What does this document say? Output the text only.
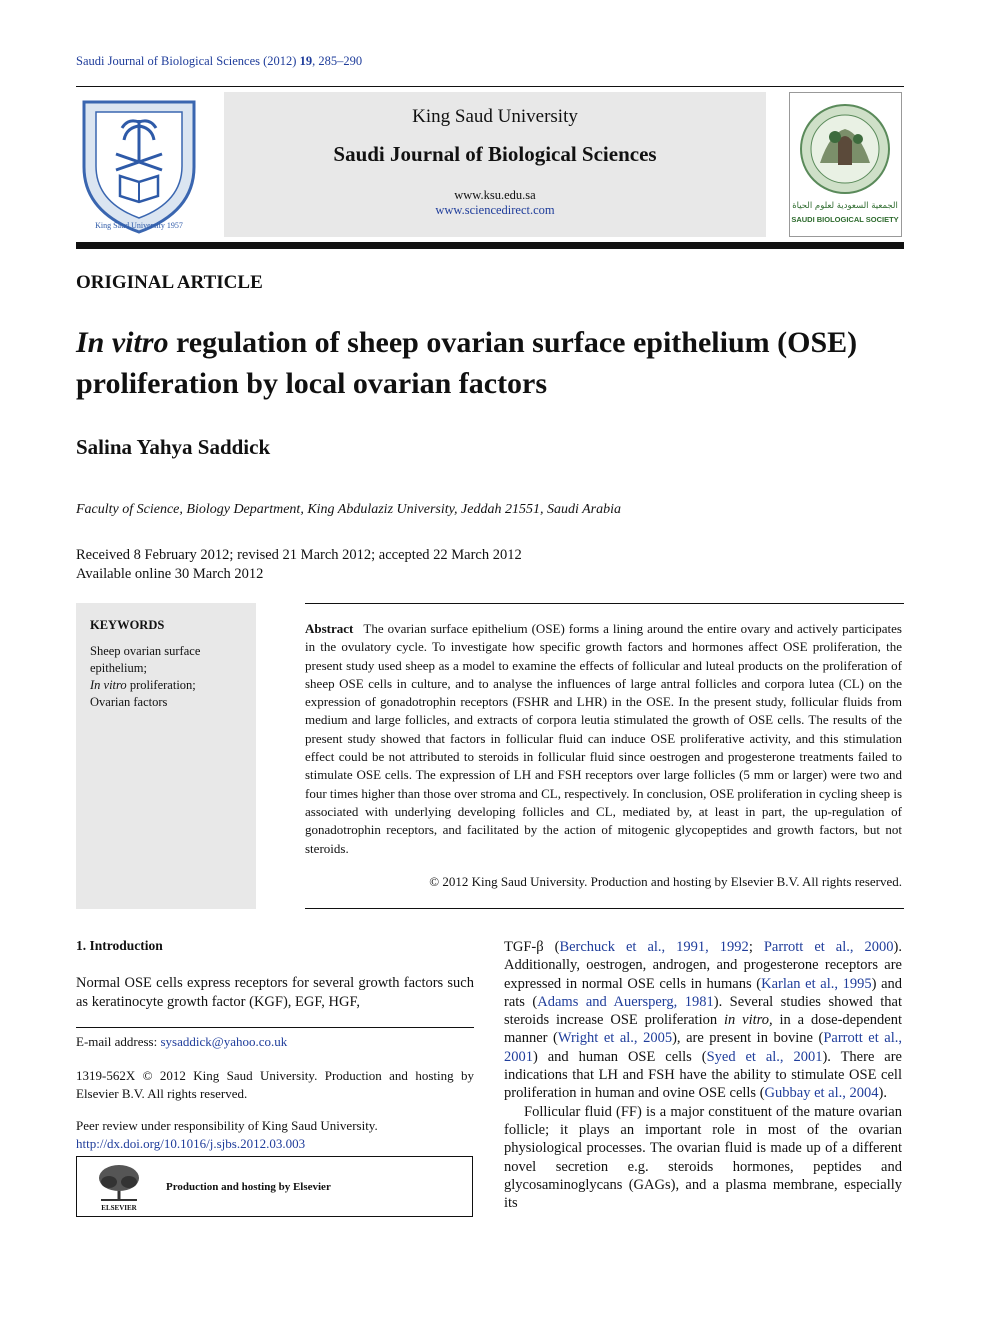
Saudi Journal of Biological Sciences (2012) 19, 285–290
King Saud University 1957
King Saud University
Saudi Journal of Biological Sciences
www.ksu.edu.sa
www.sciencedirect.com	الجمعية السعودية لعلوم الحياة
SAUDI BIOLOGICAL SOCIETY
ORIGINAL ARTICLE
In vitro regulation of sheep ovarian surface epithelium (OSE) proliferation by local ovarian factors
Salina Yahya Saddick
Faculty of Science, Biology Department, King Abdulaziz University, Jeddah 21551, Saudi Arabia
Received 8 February 2012; revised 21 March 2012; accepted 22 March 2012
Available online 30 March 2012
KEYWORDS
Sheep ovarian surface epithelium;
In vitro proliferation;
Ovarian factors
Abstract The ovarian surface epithelium (OSE) forms a lining around the entire ovary and actively participates in the ovulatory cycle. To investigate how specific growth factors and hormones affect OSE proliferation, the present study used sheep as a model to examine the effects of follicular and luteal products on the proliferation of sheep OSE cells in culture, and to analyse the influences of large antral follicles and corpora lutea (CL) on the expression of gonadotrophin receptors (FSHR and LHR) in the OSE. In the present study, follicular fluids from medium and large follicles, and extracts of corpora leutia stimulated the growth of OSE cells. The results of the present study showed that factors in follicular fluid can induce OSE proliferative activity, and this stimulation effect could be not attributed to steroids in follicular fluid since oestrogen and progesterone treatments failed to stimulate OSE cells. The expression of LH and FSH receptors over large follicles (5 mm or larger) were two and four times higher than those over stroma and CL, respectively. In conclusion, OSE proliferation in cycling sheep is associated with underlying developing follicles and CL, mediated by, at least in part, the up-regulation of gonadotrophin receptors, and facilitated by the action of mitogenic glycopeptides and growth factors, but not steroids.
© 2012 King Saud University. Production and hosting by Elsevier B.V. All rights reserved.
1. Introduction
Normal OSE cells express receptors for several growth factors such as keratinocyte growth factor (KGF), EGF, HGF,
E-mail address: sysaddick@yahoo.co.uk
1319-562X © 2012 King Saud University. Production and hosting by Elsevier B.V. All rights reserved.
Peer review under responsibility of King Saud University.
http://dx.doi.org/10.1016/j.sjbs.2012.03.003
ELSEVIER
Production and hosting by Elsevier

TGF-β (Berchuck et al., 1991, 1992; Parrott et al., 2000). Additionally, oestrogen, androgen, and progesterone receptors are expressed in normal OSE cells in humans (Karlan et al., 1995) and rats (Adams and Auersperg, 1981). Several studies showed that steroids increase OSE proliferation in vitro, in a dose-dependent manner (Wright et al., 2005), are present in bovine (Parrott et al., 2001) and human OSE cells (Syed et al., 2001). There are indications that LH and FSH have the ability to stimulate OSE cell proliferation in human and ovine OSE cells (Gubbay et al., 2004).

Follicular fluid (FF) is a major constituent of the mature ovarian follicle; it plays an important role in most of the ovarian physiological processes. The ovarian fluid is made up of a different novel secretion e.g. steroids hormones, peptides and glycosaminoglycans (GAGs), and a plasma membrane, especially its
